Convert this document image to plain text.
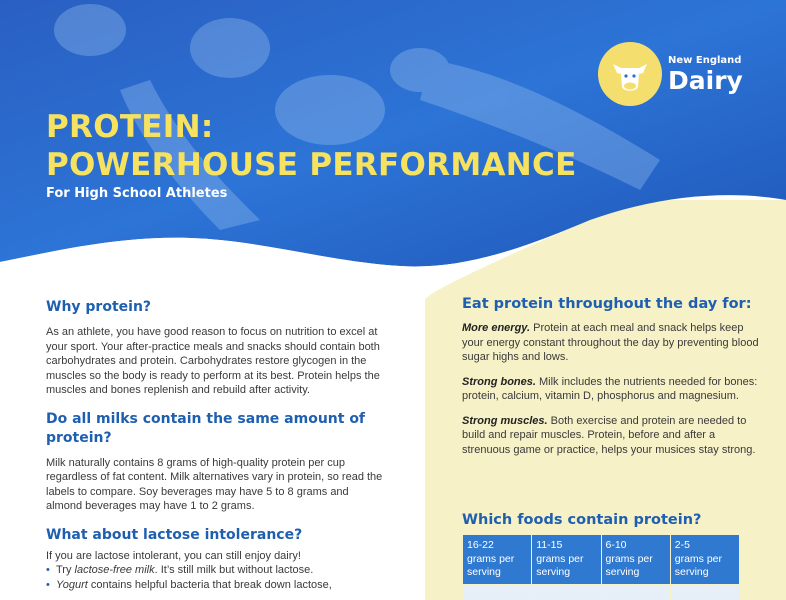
New England
Dairy
PROTEIN:
POWERHOUSE PERFORMANCE
For High School Athletes
Why protein?

As an athlete, you have good reason to focus on nutrition to excel at your sport. Your after-practice meals and snacks should contain both carbohydrates and protein. Carbohydrates restore glycogen in the muscles so the body is ready to perform at its best. Protein helps the muscles and bones replenish and rebuild after activity.

Do all milks contain the same amount of protein?

Milk naturally contains 8 grams of high-quality protein per cup regardless of fat content. Milk alternatives vary in protein, so read the labels to compare. Soy beverages may have 5 to 8 grams and almond beverages may have 1 to 2 grams.

What about lactose intolerance?

If you are lactose intolerant, you can still enjoy dairy!

• Try lactose-free milk. It’s still milk but without lactose.
• Yogurt contains helpful bacteria that break down lactose,
Eat protein throughout the day for:

More energy. Protein at each meal and snack helps keep your energy constant throughout the day by preventing blood sugar highs and lows.

Strong bones. Milk includes the nutrients needed for bones: protein, calcium, vitamin D, phosphorus and magnesium.

Strong muscles. Both exercise and protein are needed to build and repair muscles. Protein, before and after a strenuous game or practice, helps your musices stay strong.

Which foods contain protein?
16-22
grams per serving	11-15
grams per serving	6-10
grams per serving	2-5
grams per serving
